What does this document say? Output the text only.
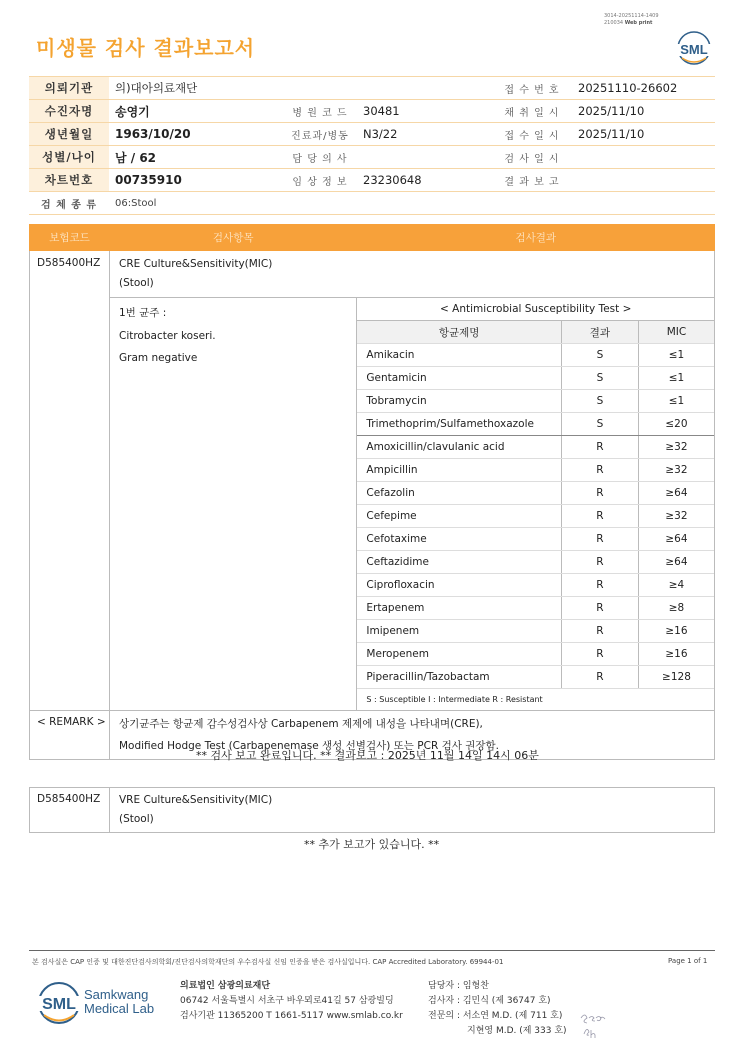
3014-20251114-1409
210034 Web print
미생물 검사 결과보고서	SML
의뢰기관	의)대아의료재단			접 수 번 호	20251110-26602
수진자명	송영기	병 원 코 드	30481	채 취 일 시	2025/11/10
생년월일	1963/10/20	진료과/병동	N3/22	접 수 일 시	2025/11/10
성별/나이	남 / 62	담 당 의 사		검 사 일 시	
차트번호	00735910	임 상 정 보	23230648	결 과 보 고	
검 체 종 류	06:Stool				
보험코드	검사항목	검사결과
D585400HZ	CRE Culture&Sensitivity(MIC)
(Stool)

1번 균주 :
Citrobacter koseri.
Gram negative

< Antimicrobial Susceptibility Test >
항균제명	결과	MIC
Amikacin	S	≤1
Gentamicin	S	≤1
Tobramycin	S	≤1
Trimethoprim/Sulfamethoxazole	S	≤20
Amoxicillin/clavulanic acid	R	≥32
Ampicillin	R	≥32
Cefazolin	R	≥64
Cefepime	R	≥32
Cefotaxime	R	≥64
Ceftazidime	R	≥64
Ciprofloxacin	R	≥4
Ertapenem	R	≥8
Imipenem	R	≥16
Meropenem	R	≥16
Piperacillin/Tazobactam	R	≥128
S : Susceptible I : Intermediate R : Resistant

< REMARK >	상기균주는 항균제 감수성검사상 Carbapenem 제제에 내성을 나타내며(CRE),
Modified Hodge Test (Carbapenemase 생성 선별검사) 또는 PCR 검사 권장함.
** 검사 보고 완료입니다. ** 결과보고 : 2025년 11월 14일 14시 06분
D585400HZ	VRE Culture&Sensitivity(MIC)
(Stool)
** 추가 보고가 있습니다. **
본 검사실은 CAP 인증 및 대한진단검사의학회/진단검사의학재단의 우수검사실 신임 인증을 받은 검사실입니다. CAP Accredited Laboratory. 69944-01	Page 1 of 1
SML
Samkwang
Medical Lab
의료법인 삼광의료재단
06742 서울특별시 서초구 바우뫼로41길 57 삼광빌딩
검사기관 11365200 T 1661-5117 www.smlab.co.kr
담당자 : 임형찬
검사자 : 김민식 (제 36747 호)
전문의 : 서소연 M.D. (제 711 호)
지현영 M.D. (제 333 호)
